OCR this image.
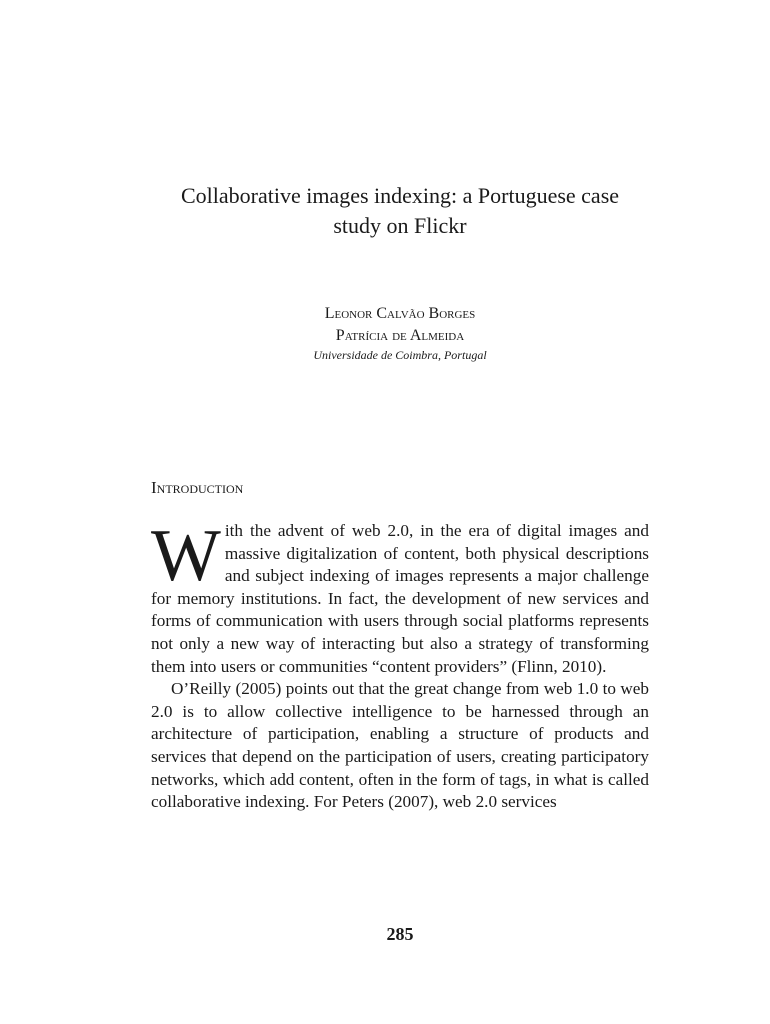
Collaborative images indexing: a Portuguese case
study on Flickr
Leonor Calvão Borges
Patrícia de Almeida
Universidade de Coimbra, Portugal
Introduction

With the advent of web 2.0, in the era of digital images and massive digitalization of content, both physical descriptions and subject indexing of images represents a major challenge for memory institutions. In fact, the development of new services and forms of communication with users through social platforms represents not only a new way of interacting but also a strategy of transforming them into users or communities “content providers” (Flinn, 2010).

O’Reilly (2005) points out that the great change from web 1.0 to web 2.0 is to allow collective intelligence to be harnessed through an architecture of participation, enabling a structure of products and services that depend on the participation of users, creating participatory networks, which add content, often in the form of tags, in what is called collaborative indexing. For Peters (2007), web 2.0 services

285
